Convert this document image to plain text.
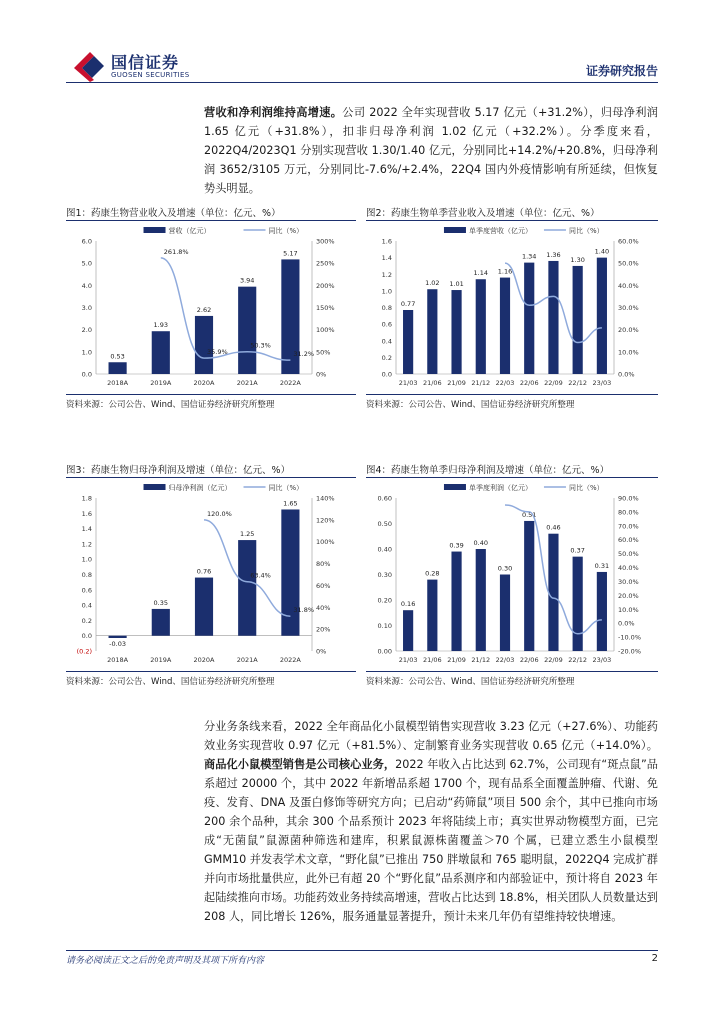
国信证券
GUOSEN SECURITIES	证券研究报告
营收和净利润维持高增速。公司 2022 全年实现营收 5.17 亿元（+31.2%），归母净利润 1.65 亿元（+31.8%），扣非归母净利润 1.02 亿元（+32.2%）。分季度来看，2022Q4/2023Q1 分别实现营收 1.30/1.40 亿元，分别同比+14.2%/+20.8%，归母净利润 3652/3105 万元，分别同比-7.6%/+2.4%，22Q4 国内外疫情影响有所延续，但恢复势头明显。
图1：药康生物营业收入及增速（单位：亿元、%）
营收（亿元）	同比（%）
0.0
1.0
2.0
3.0
4.0
5.0
6.0
0%
50%
100%
150%
200%
250%
300%
2018A	2019A	2020A	2021A	2022A
0.53
1.93
2.62
3.94
5.17
261.8%
35.9%
50.3%
31.2%
资料来源：公司公告、Wind、国信证券经济研究所整理
图2：药康生物单季营业收入及增速（单位：亿元、%）
单季度营收（亿元）	同比（%）
0.0
0.2
0.4
0.6
0.8
1.0
1.2
1.4
1.6
0.0%
10.0%
20.0%
30.0%
40.0%
50.0%
60.0%
21/03 21/06 21/09 21/12 22/03 22/06 22/09 22/12 23/03
0.77
1.02 1.01
1.14 1.16
1.34 1.36
1.30
1.40
资料来源：公司公告、Wind、国信证券经济研究所整理
图3：药康生物归母净利润及增速（单位：亿元、%）
归母净利润（亿元）	同比（%）
(0.2)
0.0
0.2
0.4
0.6
0.8
1.0
1.2
1.4
1.6
1.8
0%
20%
40%
60%
80%
100%
120%
140%
2018A	2019A	2020A	2021A	2022A
-0.03
0.35
0.76
1.25
1.65
120.0%
63.4%
31.8%
资料来源：公司公告、Wind、国信证券经济研究所整理
图4：药康生物单季归母净利润及增速（单位：亿元、%）
单季度利润（亿元）	同比（%）
0.00
0.10
0.20
0.30
0.40
0.50
0.60
-20.0%
-10.0%
0.0%
10.0%
20.0%
30.0%
40.0%
50.0%
60.0%
70.0%
80.0%
90.0%
21/03 21/06 21/09 21/12 22/03 22/06 22/09 22/12 23/03
0.16
0.28
0.39 0.40
0.30
0.51
0.46
0.37
0.31
资料来源：公司公告、Wind、国信证券经济研究所整理
分业务条线来看，2022 全年商品化小鼠模型销售实现营收 3.23 亿元（+27.6%）、功能药效业务实现营收 0.97 亿元（+81.5%）、定制繁育业务实现营收 0.65 亿元（+14.0%）。商品化小鼠模型销售是公司核心业务，2022 年收入占比达到 62.7%，公司现有“斑点鼠”品系超过 20000 个，其中 2022 年新增品系超 1700 个，现有品系全面覆盖肿瘤、代谢、免疫、发育、DNA 及蛋白修饰等研究方向；已启动“药筛鼠”项目 500 余个，其中已推向市场 200 余个品种，其余 300 个品系预计 2023 年将陆续上市；真实世界动物模型方面，已完成“无菌鼠”鼠源菌种筛选和建库，积累鼠源株菌覆盖＞70 个属，已建立悉生小鼠模型 GMM10 并发表学术文章，“野化鼠”已推出 750 胖墩鼠和 765 聪明鼠，2022Q4 完成扩群并向市场批量供应，此外已有超 20 个“野化鼠”品系测序和内部验证中，预计将自 2023 年起陆续推向市场。功能药效业务持续高增速，营收占比达到 18.8%，相关团队人员数量达到 208 人，同比增长 126%，服务通量显著提升，预计未来几年仍有望维持较快增速。
请务必阅读正文之后的免责声明及其项下所有内容	2
